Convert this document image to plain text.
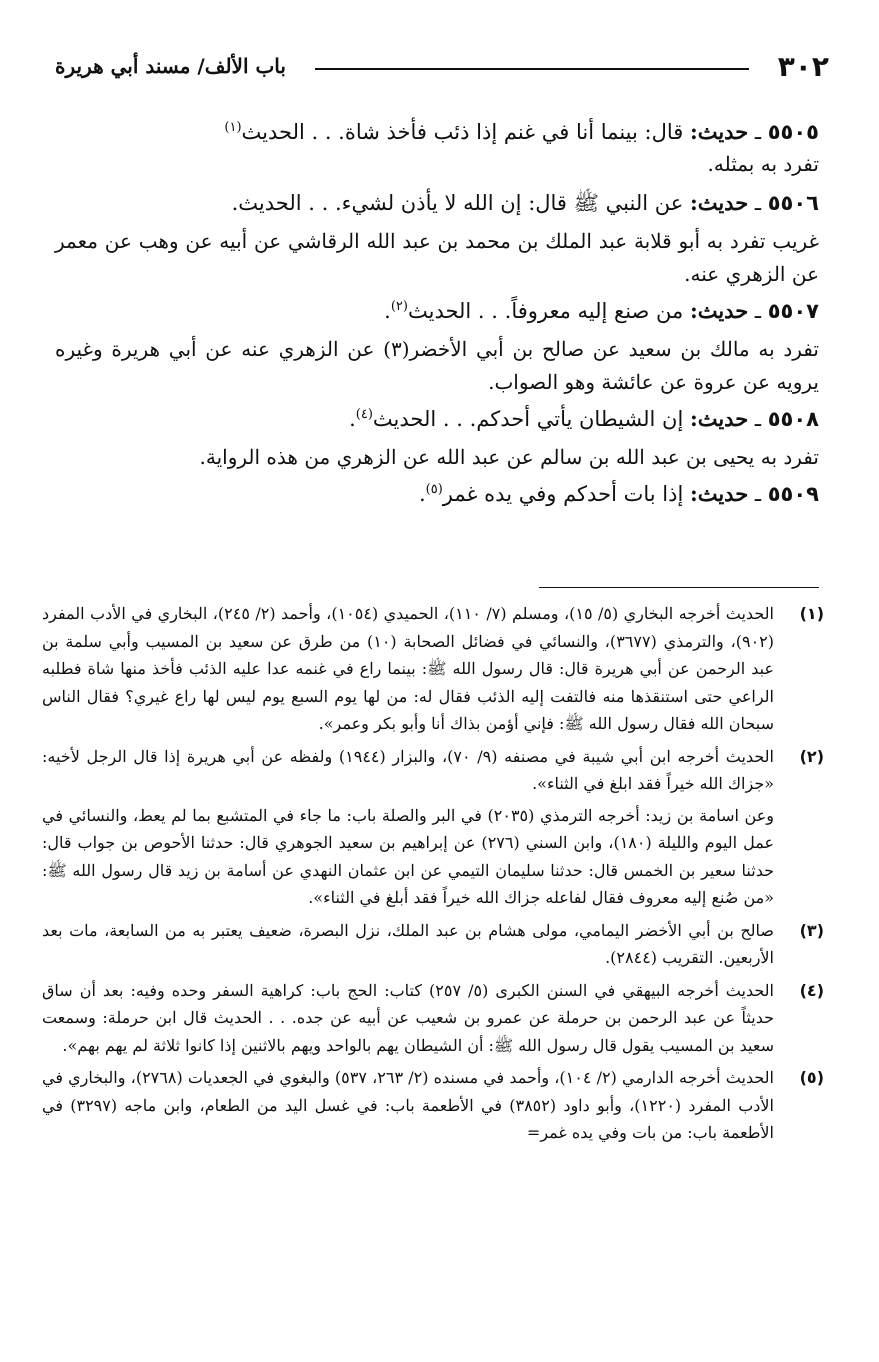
٣٠٢
باب الألف/ مسند أبي هريرة

٥٥٠٥ ـ حديث: قال: بينما أنا في غنم إذا ذئب فأخذ شاة. . . الحديث$^{(١)}$

تفرد به بمثله.

٥٥٠٦ ـ حديث: عن النبي ﷺ قال: إن الله لا يأذن لشيء. . . الحديث.

غريب تفرد به أبو قلابة عبد الملك بن محمد بن عبد الله الرقاشي عن أبيه عن وهب عن معمر عن الزهري عنه.

٥٥٠٧ ـ حديث: من صنع إليه معروفاً. . . الحديث$^{(٢)}$.

تفرد به مالك بن سعيد عن صالح بن أبي الأخضر(٣) عن الزهري عنه عن أبي هريرة وغيره يرويه عن عروة عن عائشة وهو الصواب.

٥٥٠٨ ـ حديث: إن الشيطان يأتي أحدكم. . . الحديث$^{(٤)}$.

تفرد به يحيى بن عبد الله بن سالم عن عبد الله عن الزهري من هذه الرواية.

٥٥٠٩ ـ حديث: إذا بات أحدكم وفي يده غمر$^{(٥)}$.

(١)

الحديث أخرجه البخاري (٥/ ١٥)، ومسلم (٧/ ١١٠)، الحميدي (١٠٥٤)، وأحمد (٢/ ٢٤٥)، البخاري في الأدب المفرد (٩٠٢)، والترمذي (٣٦٧٧)، والنسائي في فضائل الصحابة (١٠) من طرق عن سعيد بن المسيب وأبي سلمة بن عبد الرحمن عن أبي هريرة قال: قال رسول الله ﷺ: بينما راع في غنمه عدا عليه الذئب فأخذ منها شاة فطلبه الراعي حتى استنقذها منه فالتفت إليه الذئب فقال له: من لها يوم السبع يوم ليس لها راع غيري؟ فقال الناس سبحان الله فقال رسول الله ﷺ: فإني أؤمن بذاك أنا وأبو بكر وعمر».

(٢)

الحديث أخرجه ابن أبي شيبة في مصنفه (٩/ ٧٠)، والبزار (١٩٤٤) ولفظه عن أبي هريرة إذا قال الرجل لأخيه: «جزاك الله خيراً فقد ابلغ في الثناء».

وعن اسامة بن زيد: أخرجه الترمذي (٢٠٣٥) في البر والصلة باب: ما جاء في المتشبع بما لم يعط، والنسائي في عمل اليوم والليلة (١٨٠)، وابن السني (٢٧٦) عن إبراهيم بن سعيد الجوهري قال: حدثنا الأحوص بن جواب قال: حدثنا سعير بن الخمس قال: حدثنا سليمان التيمي عن ابن عثمان النهدي عن أسامة بن زيد قال رسول الله ﷺ: «من صُنع إليه معروف فقال لفاعله جزاك الله خيراً فقد أبلغ في الثناء».

(٣)

صالح بن أبي الأخضر اليمامي، مولى هشام بن عبد الملك، نزل البصرة، ضعيف يعتبر به من السابعة، مات بعد الأربعين. التقريب (٢٨٤٤).

(٤)

الحديث أخرجه البيهقي في السنن الكبرى (٥/ ٢٥٧) كتاب: الحج باب: كراهية السفر وحده وفيه: بعد أن ساق حديثاً عن عبد الرحمن بن حرملة عن عمرو بن شعيب عن أبيه عن جده. . . الحديث قال ابن حرملة: وسمعت سعيد بن المسيب يقول قال رسول الله ﷺ: أن الشيطان يهم بالواحد ويهم بالاثنين إذا كانوا ثلاثة لم يهم بهم».

(٥)

الحديث أخرجه الدارمي (٢/ ١٠٤)، وأحمد في مسنده (٢/ ٢٦٣، ٥٣٧) والبغوي في الجعديات (٢٧٦٨)، والبخاري في الأدب المفرد (١٢٢٠)، وأبو داود (٣٨٥٢) في الأطعمة باب: في غسل اليد من الطعام، وابن ماجه (٣٢٩٧) في الأطعمة باب: من بات وفي يده غمر=
